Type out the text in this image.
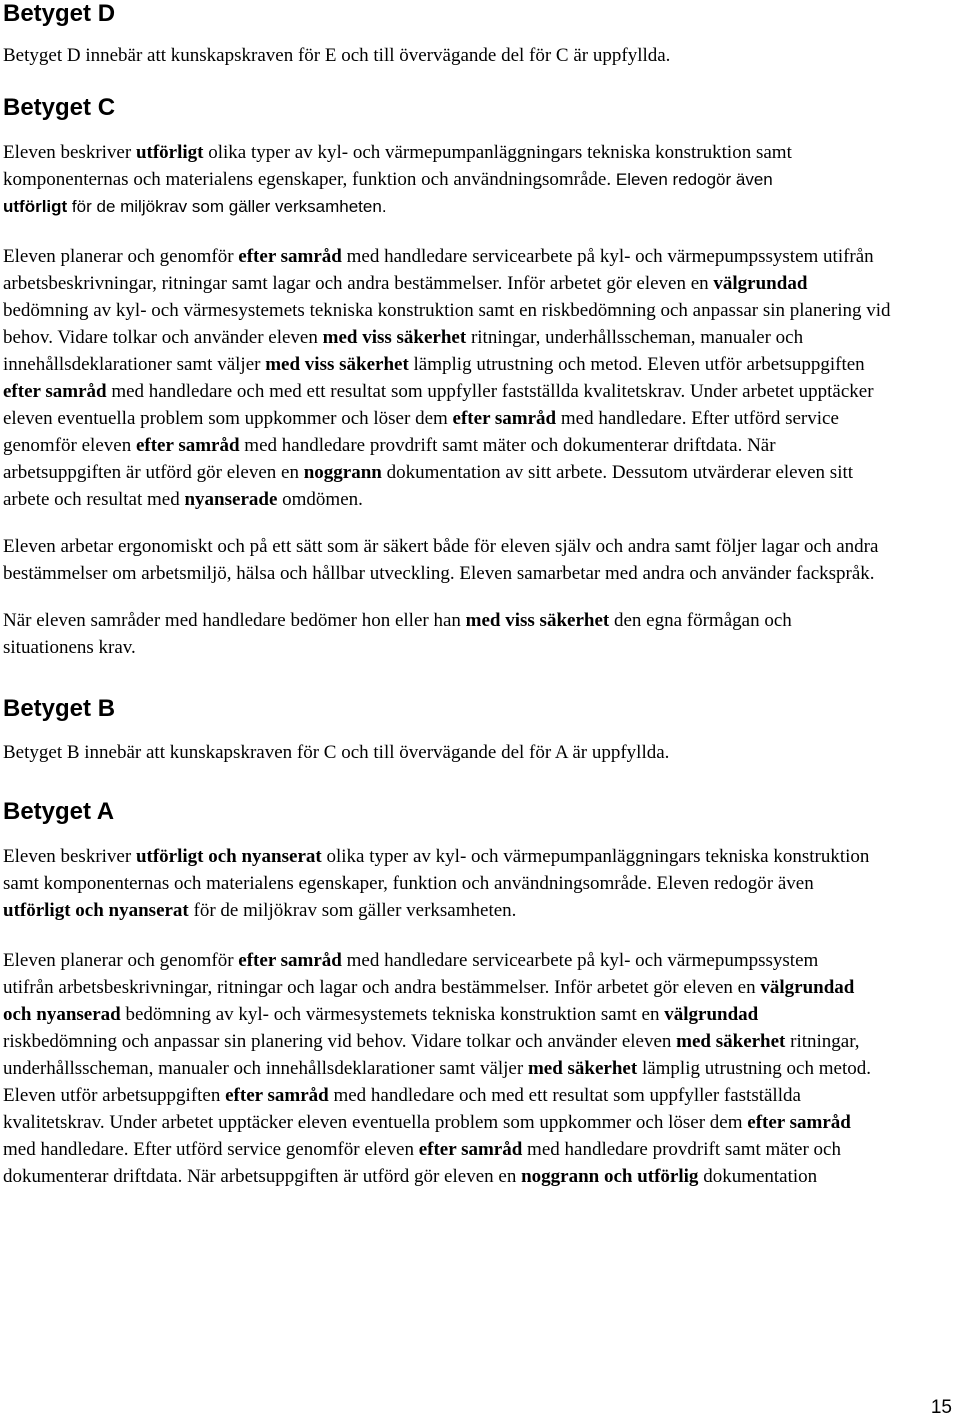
Betyget D

Betyget D innebär att kunskapskraven för E och till övervägande del för C är uppfyllda.

Betyget C

Eleven beskriver utförligt olika typer av kyl- och värmepumpanläggningars tekniska konstruktion samt komponenternas och materialens egenskaper, funktion och användningsområde. Eleven redogör även utförligt för de miljökrav som gäller verksamheten.

Eleven planerar och genomför efter samråd med handledare servicearbete på kyl- och värmepumpssystem utifrån arbetsbeskrivningar, ritningar samt lagar och andra bestämmelser. Inför arbetet gör eleven en välgrundad bedömning av kyl- och värmesystemets tekniska konstruktion samt en riskbedömning och anpassar sin planering vid behov. Vidare tolkar och använder eleven med viss säkerhet ritningar, underhållsscheman, manualer och innehållsdeklarationer samt väljer med viss säkerhet lämplig utrustning och metod. Eleven utför arbetsuppgiften efter samråd med handledare och med ett resultat som uppfyller fastställda kvalitetskrav. Under arbetet upptäcker eleven eventuella problem som uppkommer och löser dem efter samråd med handledare. Efter utförd service genomför eleven efter samråd med handledare provdrift samt mäter och dokumenterar driftdata. När arbetsuppgiften är utförd gör eleven en noggrann dokumentation av sitt arbete. Dessutom utvärderar eleven sitt arbete och resultat med nyanserade omdömen.

Eleven arbetar ergonomiskt och på ett sätt som är säkert både för eleven själv och andra samt följer lagar och andra bestämmelser om arbetsmiljö, hälsa och hållbar utveckling. Eleven samarbetar med andra och använder fackspråk.

När eleven samråder med handledare bedömer hon eller han med viss säkerhet den egna förmågan och situationens krav.

Betyget B

Betyget B innebär att kunskapskraven för C och till övervägande del för A är uppfyllda.

Betyget A

Eleven beskriver utförligt och nyanserat olika typer av kyl- och värmepumpanläggningars tekniska konstruktion samt komponenternas och materialens egenskaper, funktion och användningsområde. Eleven redogör även utförligt och nyanserat för de miljökrav som gäller verksamheten.

Eleven planerar och genomför efter samråd med handledare servicearbete på kyl- och värmepumpssystem utifrån arbetsbeskrivningar, ritningar och lagar och andra bestämmelser. Inför arbetet gör eleven en välgrundad och nyanserad bedömning av kyl- och värmesystemets tekniska konstruktion samt en välgrundad riskbedömning och anpassar sin planering vid behov. Vidare tolkar och använder eleven med säkerhet ritningar, underhållsscheman, manualer och innehållsdeklarationer samt väljer med säkerhet lämplig utrustning och metod. Eleven utför arbetsuppgiften efter samråd med handledare och med ett resultat som uppfyller fastställda kvalitetskrav. Under arbetet upptäcker eleven eventuella problem som uppkommer och löser dem efter samråd med handledare. Efter utförd service genomför eleven efter samråd med handledare provdrift samt mäter och dokumenterar driftdata. När arbetsuppgiften är utförd gör eleven en noggrann och utförlig dokumentation

15
